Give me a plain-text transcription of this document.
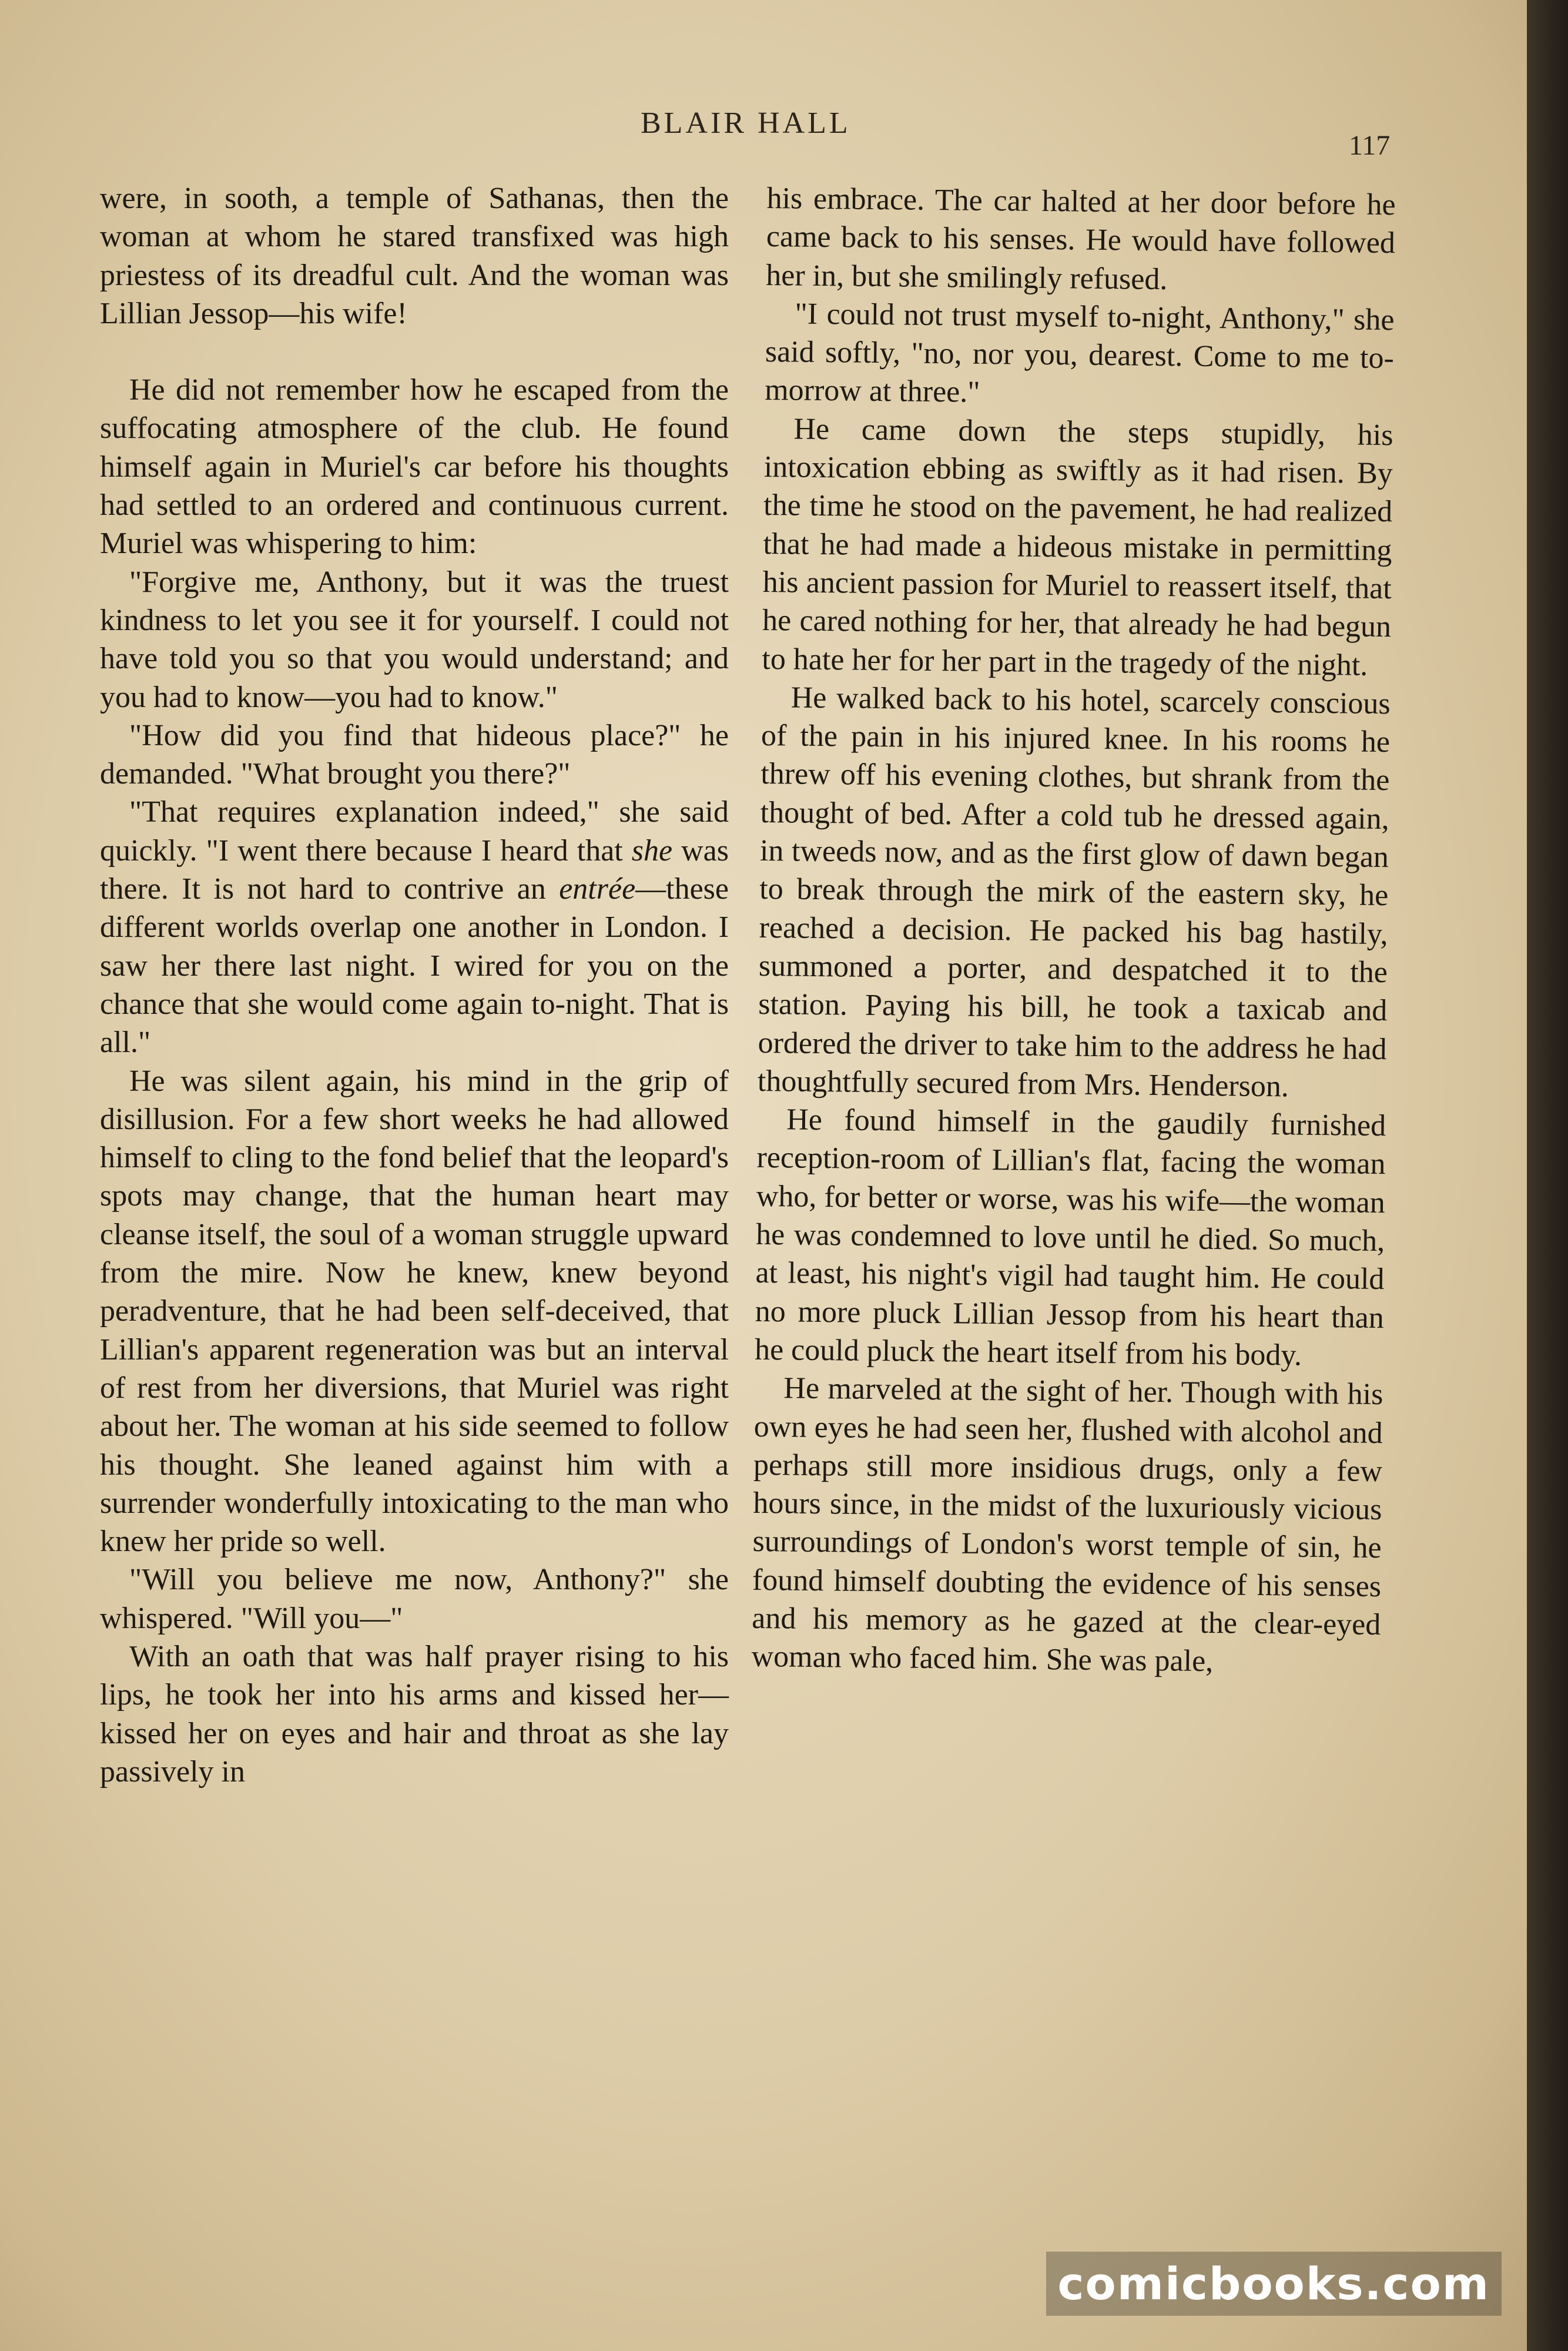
BLAIR HALL
117

were, in sooth, a temple of Sathanas, then the woman at whom he stared transfixed was high priestess of its dreadful cult. And the woman was Lillian Jessop—his wife!

He did not remember how he escaped from the suffocating atmosphere of the club. He found himself again in Muriel's car before his thoughts had settled to an ordered and continuous current. Muriel was whispering to him:

"Forgive me, Anthony, but it was the truest kindness to let you see it for yourself. I could not have told you so that you would understand; and you had to know—you had to know."

"How did you find that hideous place?" he demanded. "What brought you there?"

"That requires explanation indeed," she said quickly. "I went there because I heard that she was there. It is not hard to contrive an entrée—these different worlds overlap one another in London. I saw her there last night. I wired for you on the chance that she would come again to-night. That is all."

He was silent again, his mind in the grip of disillusion. For a few short weeks he had allowed himself to cling to the fond belief that the leopard's spots may change, that the human heart may cleanse itself, the soul of a woman struggle upward from the mire. Now he knew, knew beyond peradventure, that he had been self-deceived, that Lillian's apparent regeneration was but an interval of rest from her diversions, that Muriel was right about her. The woman at his side seemed to follow his thought. She leaned against him with a surrender wonderfully intoxicating to the man who knew her pride so well.

"Will you believe me now, Anthony?" she whispered. "Will you—"

With an oath that was half prayer rising to his lips, he took her into his arms and kissed her—kissed her on eyes and hair and throat as she lay passively in

his embrace. The car halted at her door before he came back to his senses. He would have followed her in, but she smilingly refused.

"I could not trust myself to-night, Anthony," she said softly, "no, nor you, dearest. Come to me to-morrow at three."

He came down the steps stupidly, his intoxication ebbing as swiftly as it had risen. By the time he stood on the pavement, he had realized that he had made a hideous mistake in permitting his ancient passion for Muriel to reassert itself, that he cared nothing for her, that already he had begun to hate her for her part in the tragedy of the night.

He walked back to his hotel, scarcely conscious of the pain in his injured knee. In his rooms he threw off his evening clothes, but shrank from the thought of bed. After a cold tub he dressed again, in tweeds now, and as the first glow of dawn began to break through the mirk of the eastern sky, he reached a decision. He packed his bag hastily, summoned a porter, and despatched it to the station. Paying his bill, he took a taxicab and ordered the driver to take him to the address he had thoughtfully secured from Mrs. Henderson.

He found himself in the gaudily furnished reception-room of Lillian's flat, facing the woman who, for better or worse, was his wife—the woman he was condemned to love until he died. So much, at least, his night's vigil had taught him. He could no more pluck Lillian Jessop from his heart than he could pluck the heart itself from his body.

He marveled at the sight of her. Though with his own eyes he had seen her, flushed with alcohol and perhaps still more insidious drugs, only a few hours since, in the midst of the luxuriously vicious surroundings of London's worst temple of sin, he found himself doubting the evidence of his senses and his memory as he gazed at the clear-eyed woman who faced him. She was pale,

comicbooks.com
